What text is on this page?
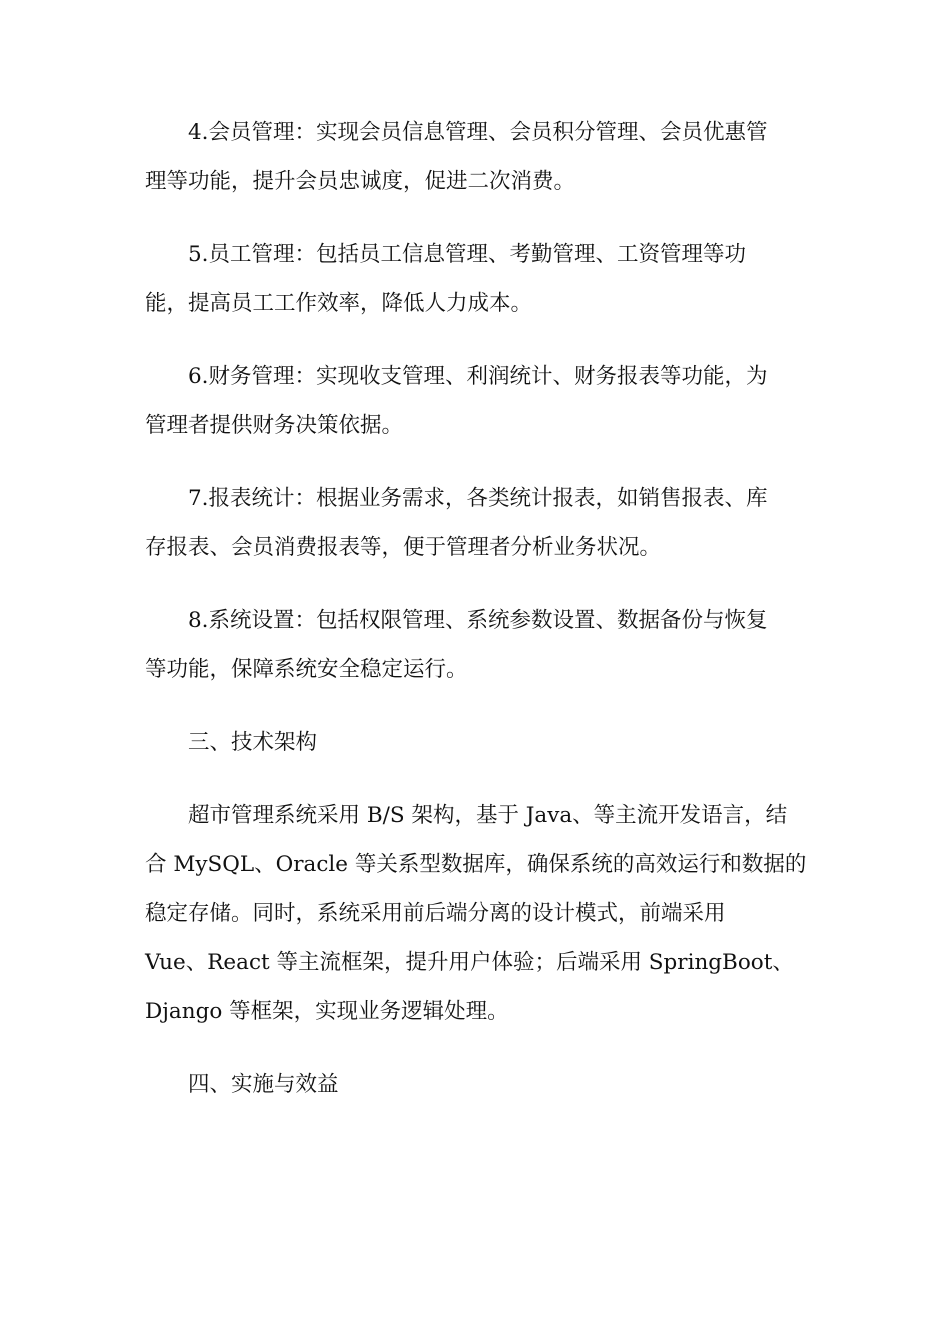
4.会员管理：实现会员信息管理、会员积分管理、会员优惠管
理等功能，提升会员忠诚度，促进二次消费。

5.员工管理：包括员工信息管理、考勤管理、工资管理等功
能，提高员工工作效率，降低人力成本。

6.财务管理：实现收支管理、利润统计、财务报表等功能，为
管理者提供财务决策依据。

7.报表统计：根据业务需求，各类统计报表，如销售报表、库
存报表、会员消费报表等，便于管理者分析业务状况。

8.系统设置：包括权限管理、系统参数设置、数据备份与恢复
等功能，保障系统安全稳定运行。

三、技术架构

超市管理系统采用 B/S 架构，基于 Java、等主流开发语言，结
合 MySQL、Oracle 等关系型数据库，确保系统的高效运行和数据的
稳定存储。同时，系统采用前后端分离的设计模式，前端采用
Vue、React 等主流框架，提升用户体验；后端采用 SpringBoot、
Django 等框架，实现业务逻辑处理。

四、实施与效益
